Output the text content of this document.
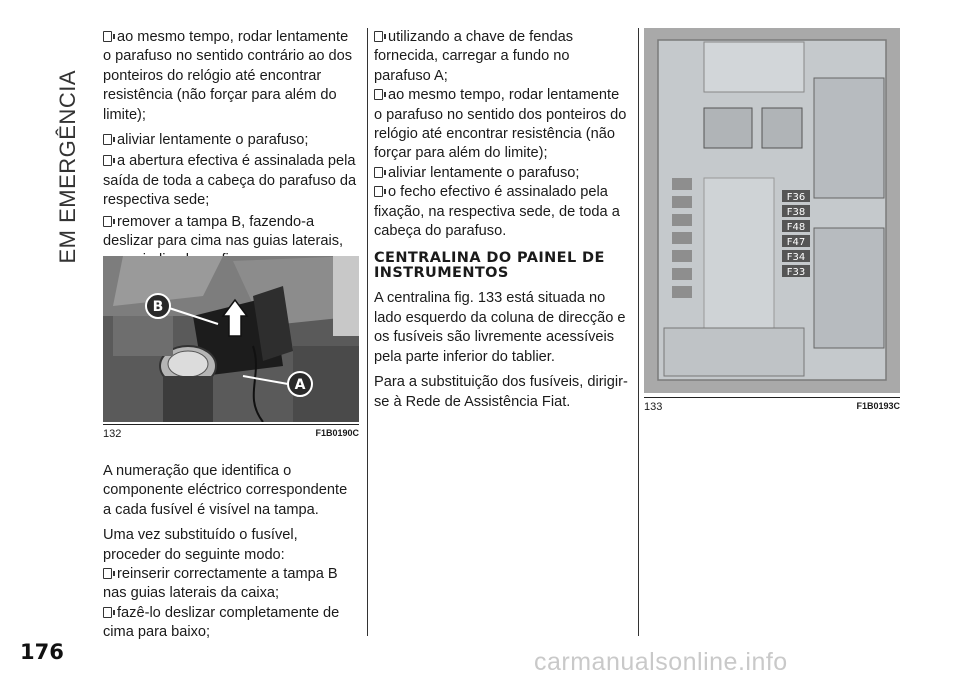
EM EMERGÊNCIA
176

ao mesmo tempo, rodar lentamente o parafuso no sentido contrário ao dos ponteiros do relógio até encontrar resistência (não forçar para além do limite);

aliviar lentamente o parafuso;

a abertura efectiva é assinalada pela saída de toda a cabeça do parafuso da respectiva sede;

remover a tampa B, fazendo-a deslizar para cima nas guias laterais,

A numeração que identifica o componente eléctrico correspondente a cada fusível é visível na tampa.

Uma vez substituído o fusível, proceder do seguinte modo:

reinserir correctamente a tampa B nas guias laterais da caixa;

fazê-lo deslizar completamente de cima para baixo;

B
A
132	F1B0190C

utilizando a chave de fendas fornecida, carregar a fundo no parafuso A;

ao mesmo tempo, rodar lentamente o parafuso no sentido dos ponteiros do relógio até encontrar resistência (não forçar para além do limite);

aliviar lentamente o parafuso;

o fecho efectivo é assinalado pela fixação, na respectiva sede, de toda a cabeça do parafuso.

CENTRALINA DO PAINEL DE INSTRUMENTOS

A centralina fig. 133 está situada no lado esquerdo da coluna de direcção e os fusíveis são livremente acessíveis pela parte inferior do tablier.

Para a substituição dos fusíveis, dirigir-se à Rede de Assistência Fiat.

F36
F38
F48
F47
F34
F33
133	F1B0193C
carmanualsonline.info
